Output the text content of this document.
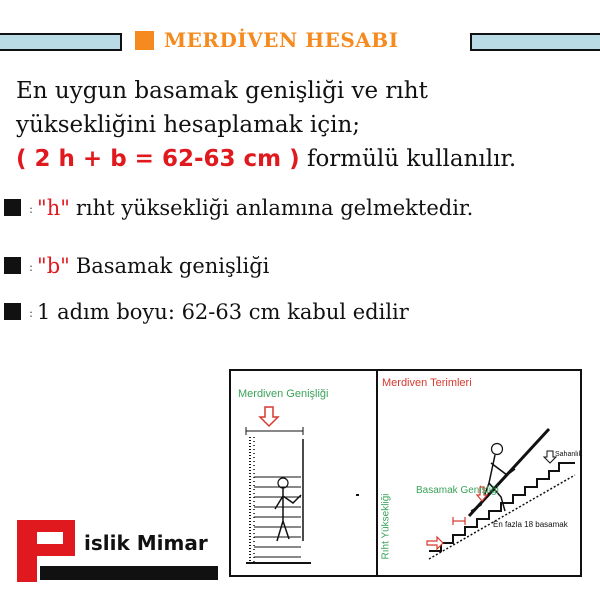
MERDİVEN HESABI
En uygun basamak genişliği ve rıht
yüksekliğini hesaplamak için;
( 2 h + b = 62-63 cm ) formülü kullanılır.
: "h" rıht yüksekliği anlamına gelmektedir.
: "b" Basamak genişliği
: 1 adım boyu: 62-63 cm kabul edilir
Merdiven Genişliği
Merdiven Terimleri
Sahanlık
Basamak Genişliği
Rıht Yüksekliği	En fazla 18 basamak
islik Mimar
